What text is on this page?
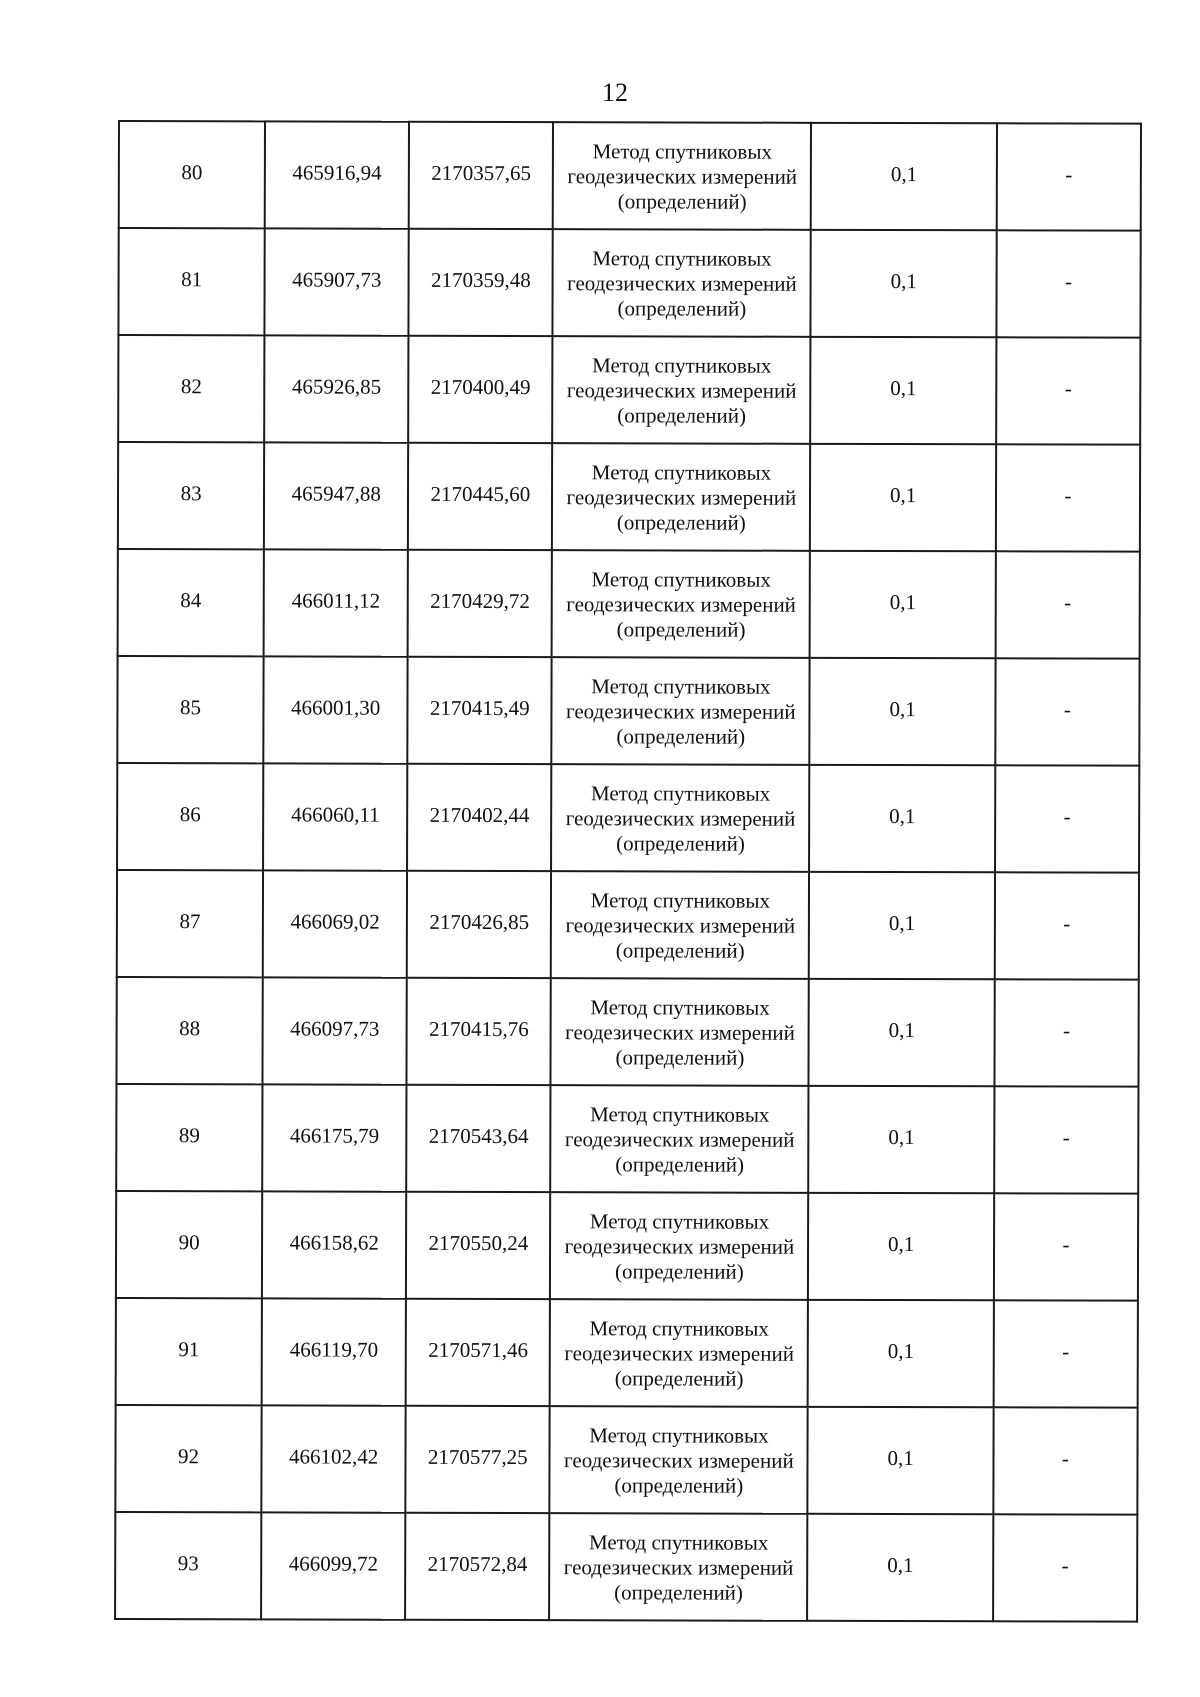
12
80	465916,94	2170357,65	Метод спутниковых
геодезических измерений
(определений)	0,1	-
81	465907,73	2170359,48	Метод спутниковых
геодезических измерений
(определений)	0,1	-
82	465926,85	2170400,49	Метод спутниковых
геодезических измерений
(определений)	0,1	-
83	465947,88	2170445,60	Метод спутниковых
геодезических измерений
(определений)	0,1	-
84	466011,12	2170429,72	Метод спутниковых
геодезических измерений
(определений)	0,1	-
85	466001,30	2170415,49	Метод спутниковых
геодезических измерений
(определений)	0,1	-
86	466060,11	2170402,44	Метод спутниковых
геодезических измерений
(определений)	0,1	-
87	466069,02	2170426,85	Метод спутниковых
геодезических измерений
(определений)	0,1	-
88	466097,73	2170415,76	Метод спутниковых
геодезических измерений
(определений)	0,1	-
89	466175,79	2170543,64	Метод спутниковых
геодезических измерений
(определений)	0,1	-
90	466158,62	2170550,24	Метод спутниковых
геодезических измерений
(определений)	0,1	-
91	466119,70	2170571,46	Метод спутниковых
геодезических измерений
(определений)	0,1	-
92	466102,42	2170577,25	Метод спутниковых
геодезических измерений
(определений)	0,1	-
93	466099,72	2170572,84	Метод спутниковых
геодезических измерений
(определений)	0,1	-
